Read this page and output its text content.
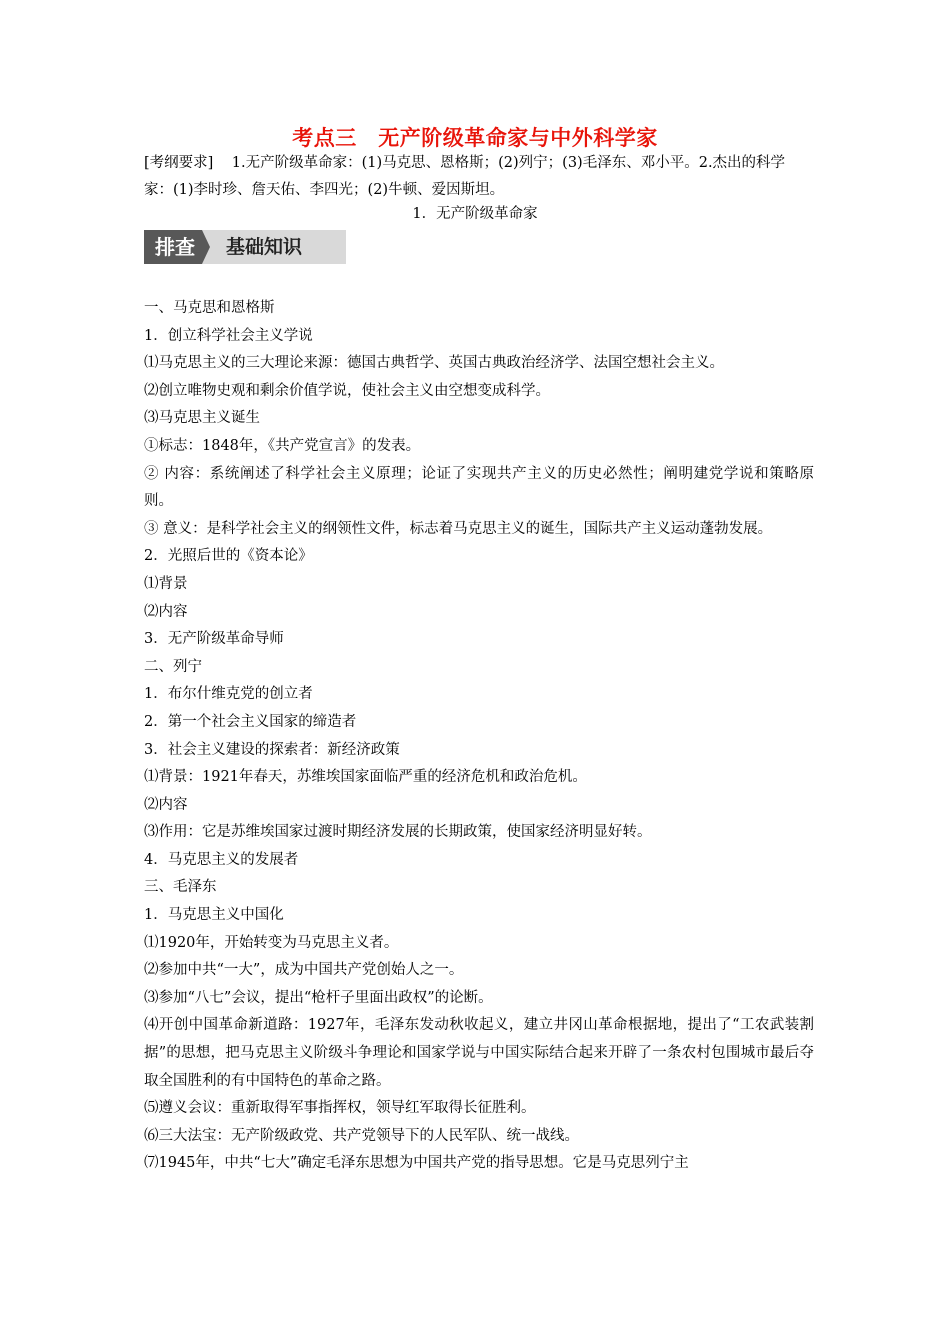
考点三　无产阶级革命家与中外科学家
[考纲要求] 1.无产阶级革命家：(1)马克思、恩格斯；(2)列宁；(3)毛泽东、邓小平。2.杰出的科学家：(1)李时珍、詹天佑、李四光；(2)牛顿、爱因斯坦。
1．无产阶级革命家
排查	基础知识

一、马克思和恩格斯

1．创立科学社会主义学说

⑴马克思主义的三大理论来源：德国古典哲学、英国古典政治经济学、法国空想社会主义。

⑵创立唯物史观和剩余价值学说，使社会主义由空想变成科学。

⑶马克思主义诞生

①标志：1848年，《共产党宣言》的发表。

② 内容：系统阐述了科学社会主义原理；论证了实现共产主义的历史必然性；阐明建党学说和策略原则。

③ 意义：是科学社会主义的纲领性文件，标志着马克思主义的诞生，国际共产主义运动蓬勃发展。

2．光照后世的《资本论》

⑴背景

⑵内容

3．无产阶级革命导师

二、列宁

1．布尔什维克党的创立者

2．第一个社会主义国家的缔造者

3．社会主义建设的探索者：新经济政策

⑴背景：1921年春天，苏维埃国家面临严重的经济危机和政治危机。

⑵内容

⑶作用：它是苏维埃国家过渡时期经济发展的长期政策，使国家经济明显好转。

4．马克思主义的发展者

三、毛泽东

1．马克思主义中国化

⑴1920年，开始转变为马克思主义者。

⑵参加中共“一大”，成为中国共产党创始人之一。

⑶参加“八七”会议，提出“枪杆子里面出政权”的论断。

⑷开创中国革命新道路：1927年，毛泽东发动秋收起义，建立井冈山革命根据地，提出了“工农武装割据”的思想，把马克思主义阶级斗争理论和国家学说与中国实际结合起来开辟了一条农村包围城市最后夺取全国胜利的有中国特色的革命之路。

⑸遵义会议：重新取得军事指挥权，领导红军取得长征胜利。

⑹三大法宝：无产阶级政党、共产党领导下的人民军队、统一战线。

⑺1945年，中共“七大”确定毛泽东思想为中国共产党的指导思想。它是马克思列宁主
